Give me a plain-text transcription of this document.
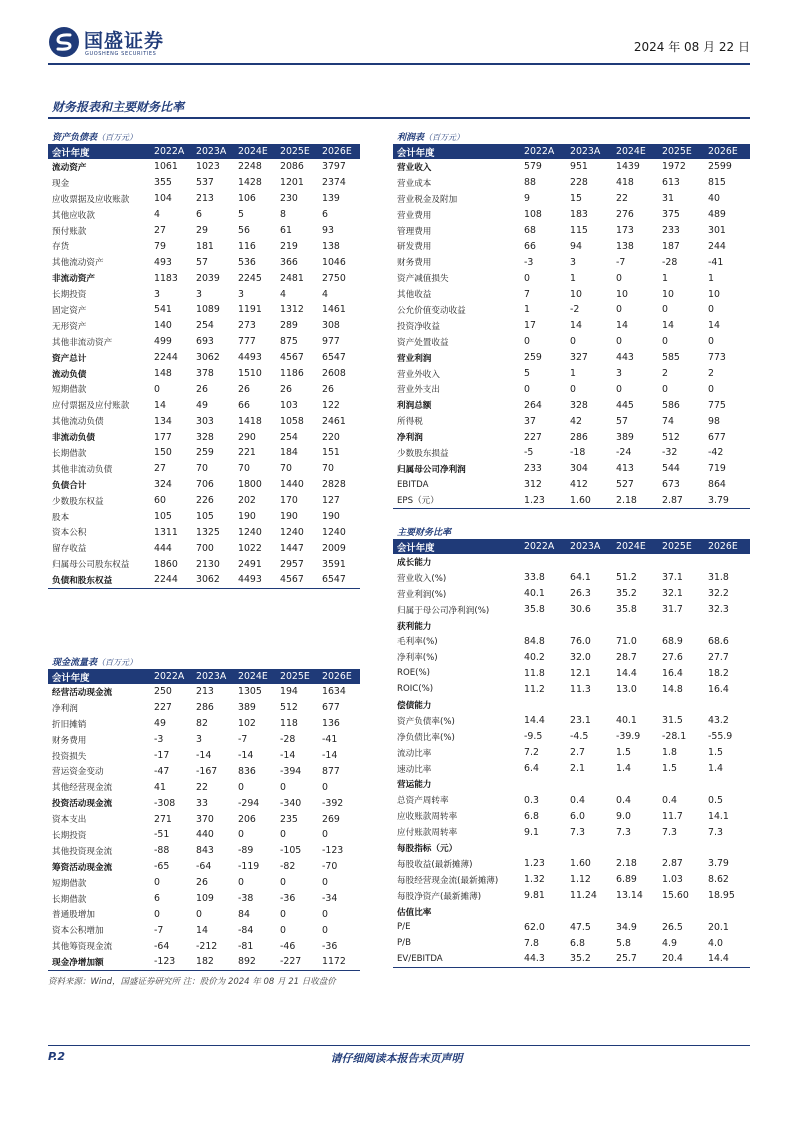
国盛证券
GUOSHENG SECURITIES	2024 年 08 月 22 日
财务报表和主要财务比率
资产负债表（百万元）
会计年度	2022A	2023A	2024E	2025E	2026E
流动资产	1061	1023	2248	2086	3797
现金	355	537	1428	1201	2374
应收票据及应收账款	104	213	106	230	139
其他应收款	4	6	5	8	6
预付账款	27	29	56	61	93
存货	79	181	116	219	138
其他流动资产	493	57	536	366	1046
非流动资产	1183	2039	2245	2481	2750
长期投资	3	3	3	4	4
固定资产	541	1089	1191	1312	1461
无形资产	140	254	273	289	308
其他非流动资产	499	693	777	875	977
资产总计	2244	3062	4493	4567	6547
流动负债	148	378	1510	1186	2608
短期借款	0	26	26	26	26
应付票据及应付账款	14	49	66	103	122
其他流动负债	134	303	1418	1058	2461
非流动负债	177	328	290	254	220
长期借款	150	259	221	184	151
其他非流动负债	27	70	70	70	70
负债合计	324	706	1800	1440	2828
少数股东权益	60	226	202	170	127
股本	105	105	190	190	190
资本公积	1311	1325	1240	1240	1240
留存收益	444	700	1022	1447	2009
归属母公司股东权益	1860	2130	2491	2957	3591
负债和股东权益	2244	3062	4493	4567	6547
利润表（百万元）
会计年度	2022A	2023A	2024E	2025E	2026E
营业收入	579	951	1439	1972	2599
营业成本	88	228	418	613	815
营业税金及附加	9	15	22	31	40
营业费用	108	183	276	375	489
管理费用	68	115	173	233	301
研发费用	66	94	138	187	244
财务费用	-3	3	-7	-28	-41
资产减值损失	0	1	0	1	1
其他收益	7	10	10	10	10
公允价值变动收益	1	-2	0	0	0
投资净收益	17	14	14	14	14
资产处置收益	0	0	0	0	0
营业利润	259	327	443	585	773
营业外收入	5	1	3	2	2
营业外支出	0	0	0	0	0
利润总额	264	328	445	586	775
所得税	37	42	57	74	98
净利润	227	286	389	512	677
少数股东损益	-5	-18	-24	-32	-42
归属母公司净利润	233	304	413	544	719
EBITDA	312	412	527	673	864
EPS（元）	1.23	1.60	2.18	2.87	3.79
主要财务比率
会计年度	2022A	2023A	2024E	2025E	2026E
成长能力					
营业收入(%)	33.8	64.1	51.2	37.1	31.8
营业利润(%)	40.1	26.3	35.2	32.1	32.2
归属于母公司净利润(%)	35.8	30.6	35.8	31.7	32.3
获利能力					
毛利率(%)	84.8	76.0	71.0	68.9	68.6
净利率(%)	40.2	32.0	28.7	27.6	27.7
ROE(%)	11.8	12.1	14.4	16.4	18.2
ROIC(%)	11.2	11.3	13.0	14.8	16.4
偿债能力					
资产负债率(%)	14.4	23.1	40.1	31.5	43.2
净负债比率(%)	-9.5	-4.5	-39.9	-28.1	-55.9
流动比率	7.2	2.7	1.5	1.8	1.5
速动比率	6.4	2.1	1.4	1.5	1.4
营运能力					
总资产周转率	0.3	0.4	0.4	0.4	0.5
应收账款周转率	6.8	6.0	9.0	11.7	14.1
应付账款周转率	9.1	7.3	7.3	7.3	7.3
每股指标（元）					
每股收益(最新摊薄)	1.23	1.60	2.18	2.87	3.79
每股经营现金流(最新摊薄)	1.32	1.12	6.89	1.03	8.62
每股净资产(最新摊薄)	9.81	11.24	13.14	15.60	18.95
估值比率					
P/E	62.0	47.5	34.9	26.5	20.1
P/B	7.8	6.8	5.8	4.9	4.0
EV/EBITDA	44.3	35.2	25.7	20.4	14.4
现金流量表（百万元）
会计年度	2022A	2023A	2024E	2025E	2026E
经营活动现金流	250	213	1305	194	1634
净利润	227	286	389	512	677
折旧摊销	49	82	102	118	136
财务费用	-3	3	-7	-28	-41
投资损失	-17	-14	-14	-14	-14
营运资金变动	-47	-167	836	-394	877
其他经营现金流	41	22	0	0	0
投资活动现金流	-308	33	-294	-340	-392
资本支出	271	370	206	235	269
长期投资	-51	440	0	0	0
其他投资现金流	-88	843	-89	-105	-123
筹资活动现金流	-65	-64	-119	-82	-70
短期借款	0	26	0	0	0
长期借款	6	109	-38	-36	-34
普通股增加	0	0	84	0	0
资本公积增加	-7	14	-84	0	0
其他筹资现金流	-64	-212	-81	-46	-36
现金净增加额	-123	182	892	-227	1172
资料来源：Wind，国盛证券研究所 注：股价为 2024 年 08 月 21 日收盘价
P.2	请仔细阅读本报告末页声明
